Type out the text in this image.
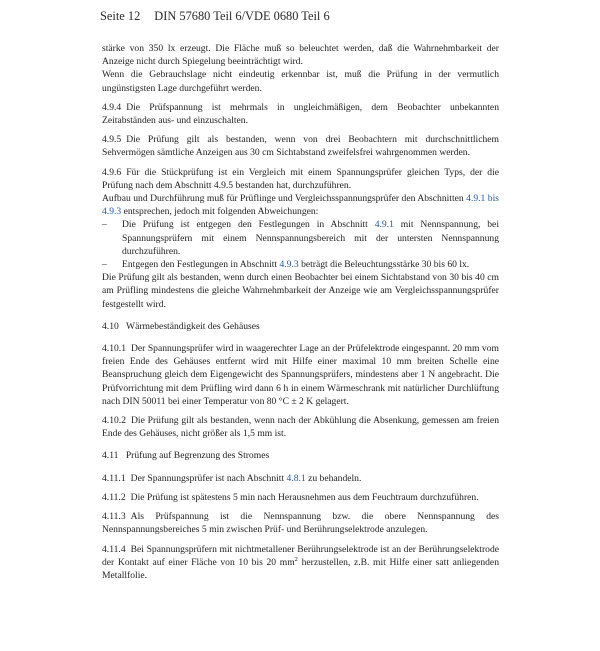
Seite 12 DIN 57680 Teil 6/VDE 0680 Teil 6

stärke von 350 lx erzeugt. Die Fläche muß so beleuchtet werden, daß die Wahrnehmbarkeit der Anzeige nicht durch Spiegelung beeinträchtigt wird.

Wenn die Gebrauchslage nicht eindeutig erkennbar ist, muß die Prüfung in der vermutlich ungünstigsten Lage durchgeführt werden.

4.9.4 Die Prüfspannung ist mehrmals in ungleichmäßigen, dem Beobachter unbekannten Zeitabständen aus- und einzuschalten.

4.9.5 Die Prüfung gilt als bestanden, wenn von drei Beobachtern mit durchschnittlichem Sehvermögen sämtliche Anzeigen aus 30 cm Sichtabstand zweifelsfrei wahrgenommen werden.

4.9.6 Für die Stückprüfung ist ein Vergleich mit einem Spannungsprüfer gleichen Typs, der die Prüfung nach dem Abschnitt 4.9.5 bestanden hat, durchzuführen.

Aufbau und Durchführung muß für Prüflinge und Vergleichsspannungsprüfer den Abschnitten 4.9.1 bis 4.9.3 entsprechen, jedoch mit folgenden Abweichungen:

– Die Prüfung ist entgegen den Festlegungen in Abschnitt 4.9.1 mit Nennspannung, bei Spannungsprüfern mit einem Nennspannungsbereich mit der untersten Nennspannung durchzuführen.
– Entgegen den Festlegungen in Abschnitt 4.9.3 beträgt die Beleuchtungsstärke 30 bis 60 lx.

Die Prüfung gilt als bestanden, wenn durch einen Beobachter bei einem Sichtabstand von 30 bis 40 cm am Prüfling mindestens die gleiche Wahrnehmbarkeit der Anzeige wie am Vergleichsspannungsprüfer festgestellt wird.

4.10 Wärmebeständigkeit des Gehäuses

4.10.1 Der Spannungsprüfer wird in waagerechter Lage an der Prüfelektrode eingespannt. 20 mm vom freien Ende des Gehäuses entfernt wird mit Hilfe einer maximal 10 mm breiten Schelle eine Beanspruchung gleich dem Eigengewicht des Spannungsprüfers, mindestens aber 1 N angebracht. Die Prüfvorrichtung mit dem Prüfling wird dann 6 h in einem Wärmeschrank mit natürlicher Durchlüftung nach DIN 50011 bei einer Temperatur von 80 °C ± 2 K gelagert.

4.10.2 Die Prüfung gilt als bestanden, wenn nach der Abkühlung die Absenkung, gemessen am freien Ende des Gehäuses, nicht größer als 1,5 mm ist.

4.11 Prüfung auf Begrenzung des Stromes

4.11.1 Der Spannungsprüfer ist nach Abschnitt 4.8.1 zu behandeln.

4.11.2 Die Prüfung ist spätestens 5 min nach Herausnehmen aus dem Feuchtraum durchzuführen.

4.11.3 Als Prüfspannung ist die Nennspannung bzw. die obere Nennspannung des Nennspannungsbereiches 5 min zwischen Prüf- und Berührungselektrode anzulegen.

4.11.4 Bei Spannungsprüfern mit nichtmetallener Berührungselektrode ist an der Berührungselektrode der Kontakt auf einer Fläche von 10 bis 20 $mm^2$ herzustellen, z.B. mit Hilfe einer satt anliegenden Metallfolie.
